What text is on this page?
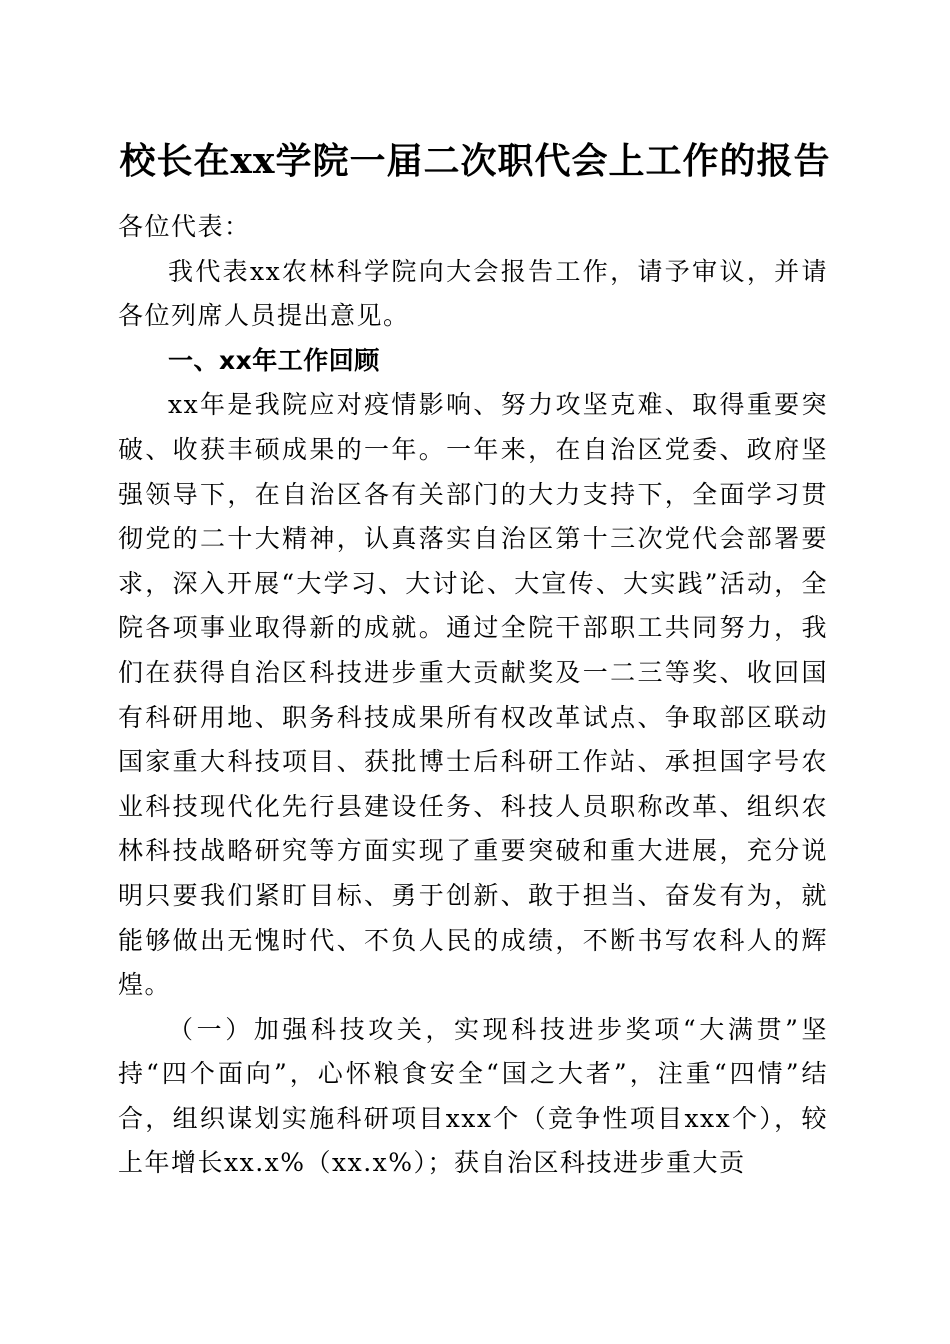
校长在xx学院一届二次职代会上工作的报告

各位代表：

我代表xx农林科学院向大会报告工作，请予审议，并请各位列席人员提出意见。

一、xx年工作回顾

xx年是我院应对疫情影响、努力攻坚克难、取得重要突破、收获丰硕成果的一年。一年来，在自治区党委、政府坚强领导下，在自治区各有关部门的大力支持下，全面学习贯彻党的二十大精神，认真落实自治区第十三次党代会部署要求，深入开展“大学习、大讨论、大宣传、大实践”活动，全院各项事业取得新的成就。通过全院干部职工共同努力，我们在获得自治区科技进步重大贡献奖及一二三等奖、收回国有科研用地、职务科技成果所有权改革试点、争取部区联动国家重大科技项目、获批博士后科研工作站、承担国字号农业科技现代化先行县建设任务、科技人员职称改革、组织农林科技战略研究等方面实现了重要突破和重大进展，充分说明只要我们紧盯目标、勇于创新、敢于担当、奋发有为，就能够做出无愧时代、不负人民的成绩，不断书写农科人的辉煌。

（一）加强科技攻关，实现科技进步奖项“大满贯”坚持“四个面向”，心怀粮食安全“国之大者”，注重“四情”结合，组织谋划实施科研项目xxx个（竞争性项目xxx个），较上年增长xx.x%（xx.x%）；获自治区科技进步重大贡
